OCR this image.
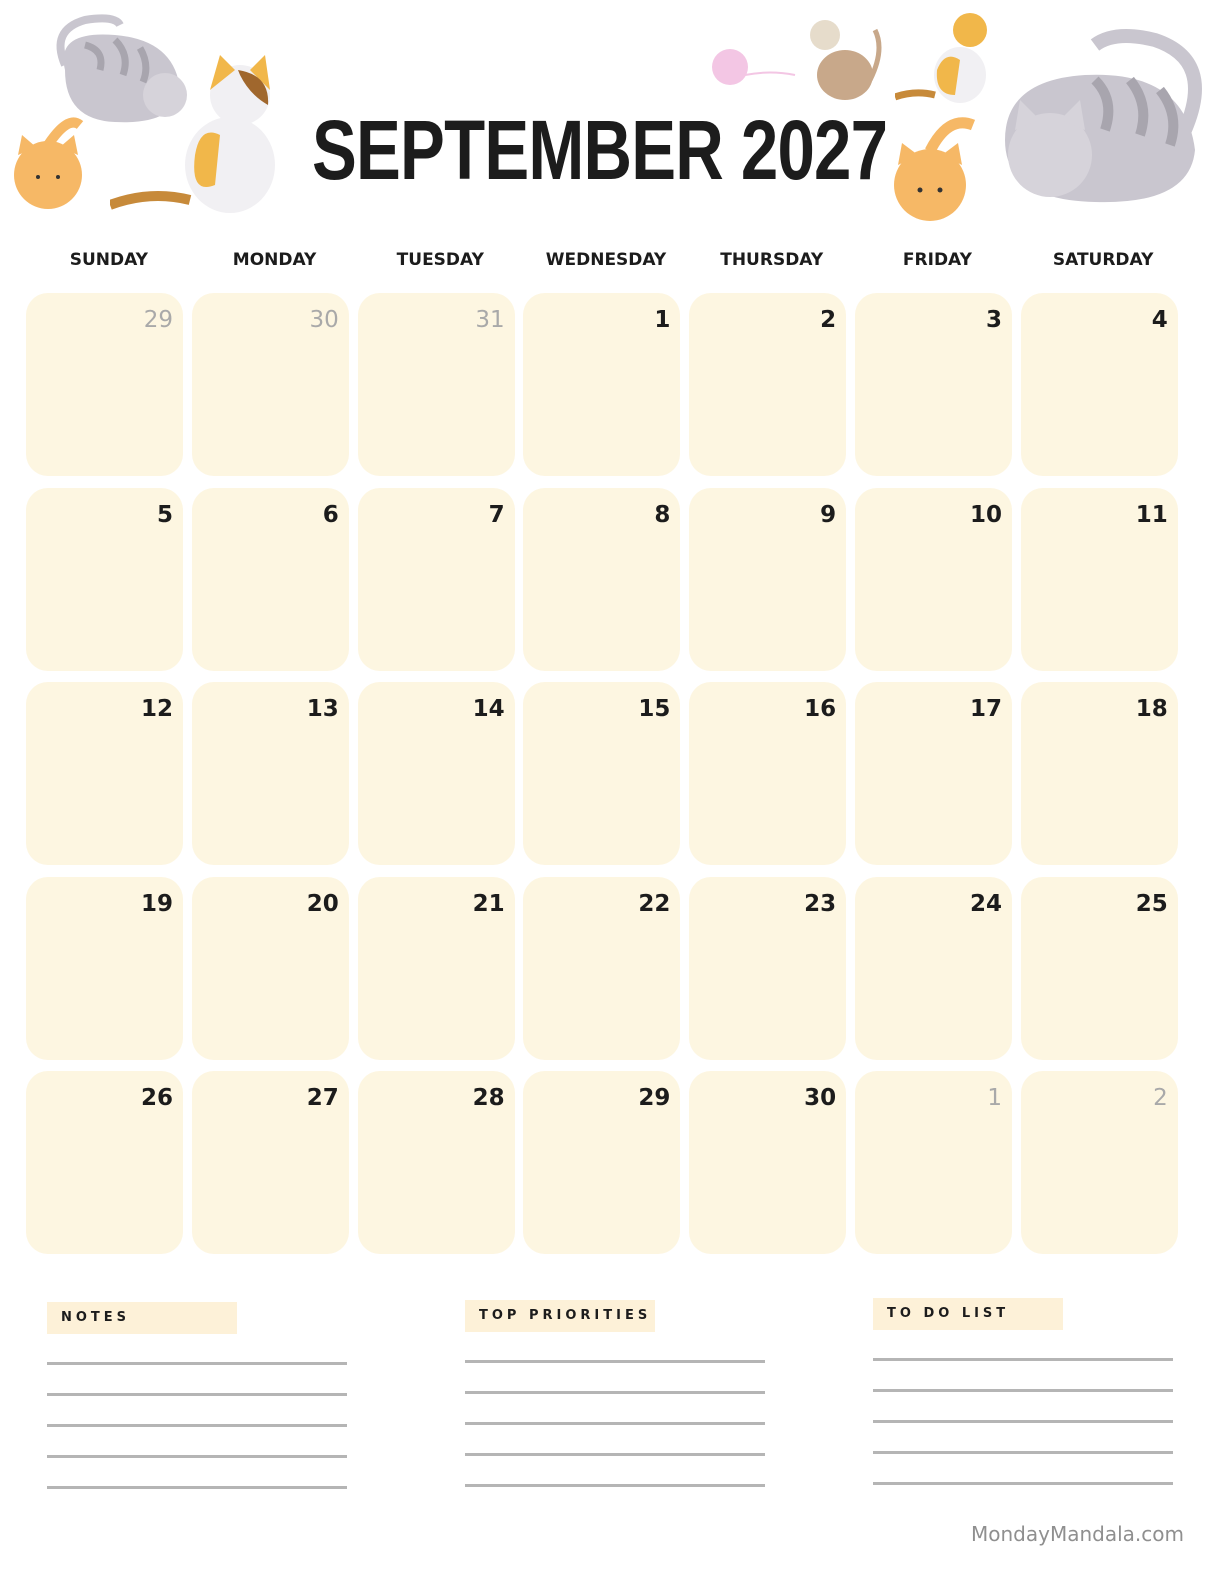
SEPTEMBER 2027
SUNDAY	MONDAY	TUESDAY	WEDNESDAY	THURSDAY	FRIDAY	SATURDAY
29	30	31	1	2	3	4
5	6	7	8	9	10	11
12	13	14	15	16	17	18
19	20	21	22	23	24	25
26	27	28	29	30	1	2
NOTES	TOP PRIORITIES	TO DO LIST
MondayMandala.com
